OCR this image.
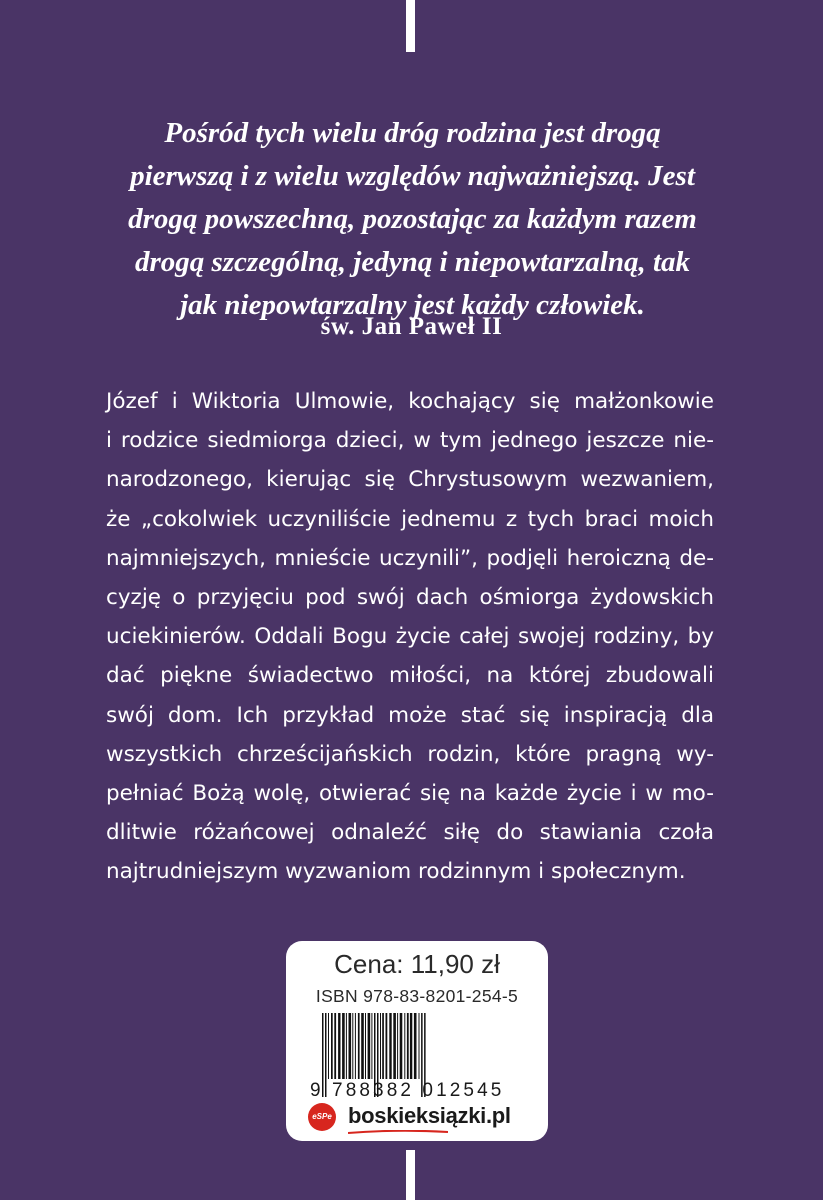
Pośród tych wielu dróg rodzina jest drogą
pierwszą i z wielu względów najważniejszą. Jest
drogą powszechną, pozostając za każdym razem
drogą szczególną, jedyną i niepowtarzalną, tak
jak niepowtarzalny jest każdy człowiek.
św. Jan Paweł II
Józef i Wiktoria Ulmowie, kochający się małżonkowie
i rodzice siedmiorga dzieci, w tym jednego jeszcze nie-
narodzonego, kierując się Chrystusowym wezwaniem,
że „cokolwiek uczyniliście jednemu z tych braci moich
najmniejszych, mnieście uczynili”, podjęli heroiczną de-
cyzję o przyjęciu pod swój dach ośmiorga żydowskich
uciekinierów. Oddali Bogu życie całej swojej rodziny, by
dać piękne świadectwo miłości, na której zbudowali
swój dom. Ich przykład może stać się inspiracją dla
wszystkich chrześcijańskich rodzin, które pragną wy-
pełniać Bożą wolę, otwierać się na każde życie i w mo-
dlitwie różańcowej odnaleźć siłę do stawiania czoła
najtrudniejszym wyzwaniom rodzinnym i społecznym.
Cena: 11,90 zł
ISBN 978-83-8201-254-5
9 788382 012545
eSPe boskieksiązki.pl
